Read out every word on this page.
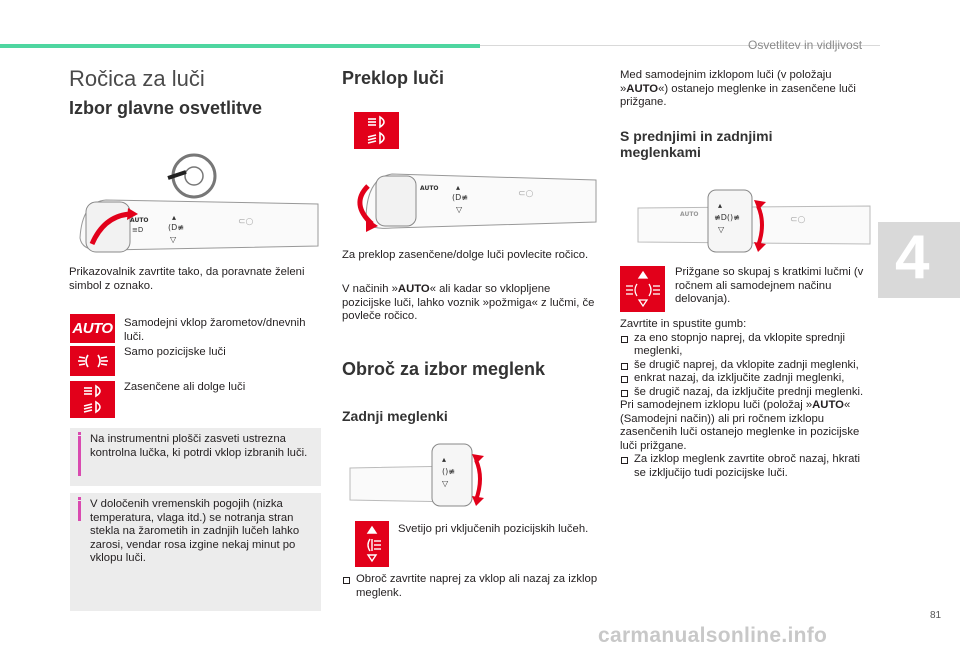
Osvetlitev in vidljivost
4
Ročica za luči
Izbor glavne osvetlitve
AUTO
≡D
▴
(D≢
▽
⊂○
Prikazovalnik zavrtite tako, da poravnate želeni simbol z oznako.
AUTO Samodejni vklop žarometov/dnevnih luči.
Samo pozicijske luči
Zasenčene ali dolge luči
Na instrumentni plošči zasveti ustrezna kontrolna lučka, ki potrdi vklop izbranih luči.
V določenih vremenskih pogojih (nizka temperatura, vlaga itd.) se notranja stran stekla na žarometih in zadnjih lučeh lahko zarosi, vendar rosa izgine nekaj minut po vklopu luči.
Preklop luči
AUTO ▴
(D≢
▽
⊂○
Za preklop zasenčene/dolge luči povlecite ročico.
V načinih »AUTO« ali kadar so vklopljene pozicijske luči, lahko voznik »požmiga« z lučmi, če povleče ročico.
Obroč za izbor meglenk
Zadnji meglenki
▴
()≢
▽
Svetijo pri vključenih pozicijskih lučeh.
Obroč zavrtite naprej za vklop ali nazaj za izklop meglenk.
Med samodejnim izklopom luči (v položaju »AUTO«) ostanejo meglenke in zasenčene luči prižgane.
S prednjimi in zadnjimi meglenkami
AUTO
▴
≢D()≢
▽
⊂○
Prižgane so skupaj s kratkimi lučmi (v ročnem ali samodejnem načinu delovanja).
Zavrtite in spustite gumb:
za eno stopnjo naprej, da vklopite sprednji meglenki,
še drugič naprej, da vklopite zadnji meglenki,
enkrat nazaj, da izključite zadnji meglenki,
še drugič nazaj, da izključite prednji meglenki.
Pri samodejnem izklopu luči (položaj »AUTO« (Samodejni način)) ali pri ročnem izklopu zasenčenih luči ostanejo meglenke in pozicijske luči prižgane.
Za izklop meglenk zavrtite obroč nazaj, hkrati se izključijo tudi pozicijske luči.
81
carmanualsonline.info
